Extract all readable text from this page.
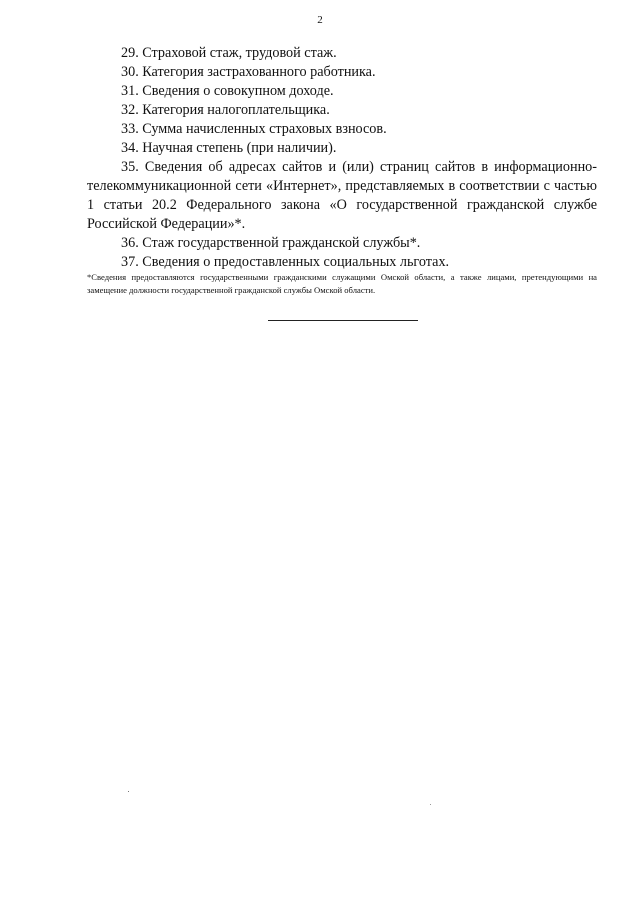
2

29. Страховой стаж, трудовой стаж.

30. Категория застрахованного работника.

31. Сведения о совокупном доходе.

32. Категория налогоплательщика.

33. Сумма начисленных страховых взносов.

34. Научная степень (при наличии).

35. Сведения об адресах сайтов и (или) страниц сайтов в информационно-телекоммуникационной сети «Интернет», представляемых в соответствии с частью 1 статьи 20.2 Федерального закона «О государственной гражданской службе Российской Федерации»*.

36. Стаж государственной гражданской службы*.

37. Сведения о предоставленных социальных льготах.

*Сведения предоставляются государственными гражданскими служащими Омской области, а также лицами, претендующими на замещение должности государственной гражданской службы Омской области.
